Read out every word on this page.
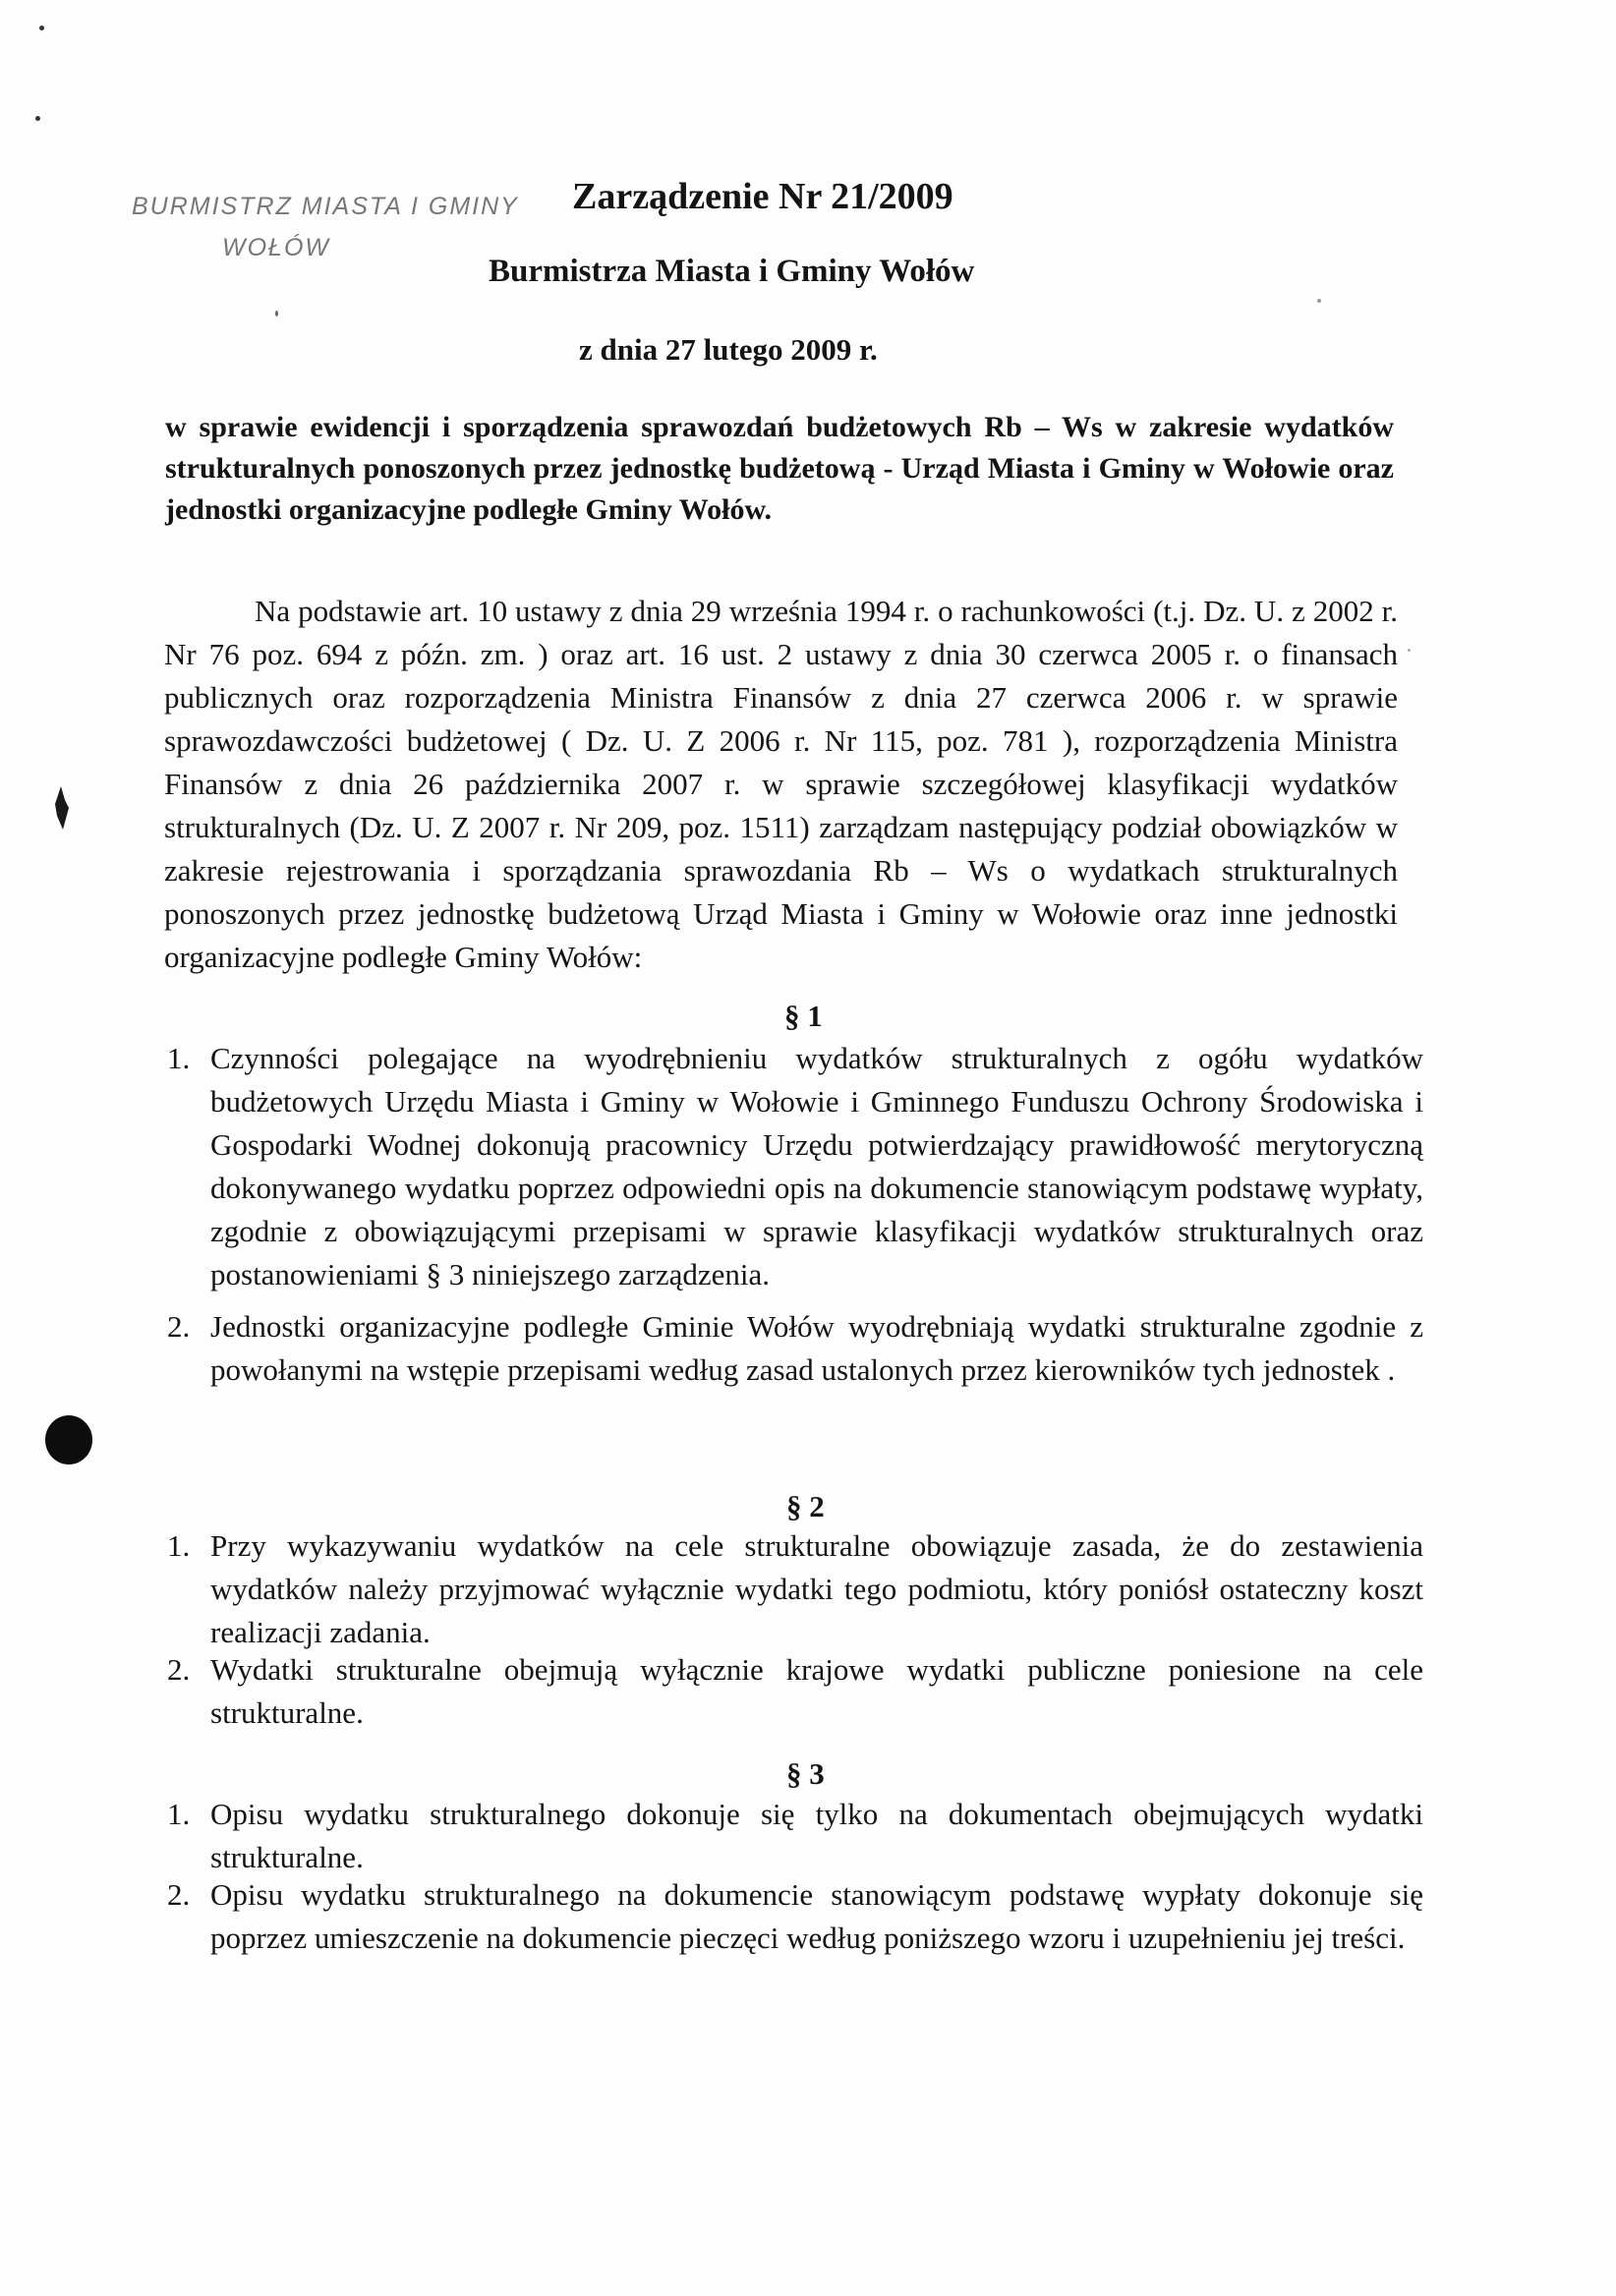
BURMISTRZ MIASTA I GMINY
WOŁÓW
Zarządzenie Nr 21/2009
Burmistrza Miasta i Gminy Wołów
z dnia 27 lutego 2009 r.
w sprawie ewidencji i sporządzenia sprawozdań budżetowych Rb – Ws w zakresie wydatków strukturalnych ponoszonych przez jednostkę budżetową - Urząd Miasta i Gminy w Wołowie oraz jednostki organizacyjne podległe Gminy Wołów.
Na podstawie art. 10 ustawy z dnia 29 września 1994 r. o rachunkowości (t.j. Dz. U. z 2002 r. Nr 76 poz. 694 z późn. zm. ) oraz art. 16 ust. 2 ustawy z dnia 30 czerwca 2005 r. o finansach publicznych oraz rozporządzenia Ministra Finansów z dnia 27 czerwca 2006 r. w sprawie sprawozdawczości budżetowej ( Dz. U. Z 2006 r. Nr 115, poz. 781 ), rozporządzenia Ministra Finansów z dnia 26 października 2007 r. w sprawie szczegółowej klasyfikacji wydatków strukturalnych (Dz. U. Z 2007 r. Nr 209, poz. 1511) zarządzam następujący podział obowiązków w zakresie rejestrowania i sporządzania sprawozdania Rb – Ws o wydatkach strukturalnych ponoszonych przez jednostkę budżetową Urząd Miasta i Gminy w Wołowie oraz inne jednostki organizacyjne podległe Gminy Wołów:
§ 1
1. Czynności polegające na wyodrębnieniu wydatków strukturalnych z ogółu wydatków budżetowych Urzędu Miasta i Gminy w Wołowie i Gminnego Funduszu Ochrony Środowiska i Gospodarki Wodnej dokonują pracownicy Urzędu potwierdzający prawidłowość merytoryczną dokonywanego wydatku poprzez odpowiedni opis na dokumencie stanowiącym podstawę wypłaty, zgodnie z obowiązującymi przepisami w sprawie klasyfikacji wydatków strukturalnych oraz postanowieniami § 3 niniejszego zarządzenia.
2. Jednostki organizacyjne podległe Gminie Wołów wyodrębniają wydatki strukturalne zgodnie z powołanymi na wstępie przepisami według zasad ustalonych przez kierowników tych jednostek .
§ 2
1. Przy wykazywaniu wydatków na cele strukturalne obowiązuje zasada, że do zestawienia wydatków należy przyjmować wyłącznie wydatki tego podmiotu, który poniósł ostateczny koszt realizacji zadania.
2. Wydatki strukturalne obejmują wyłącznie krajowe wydatki publiczne poniesione na cele strukturalne.
§ 3
1. Opisu wydatku strukturalnego dokonuje się tylko na dokumentach obejmujących wydatki strukturalne.
2. Opisu wydatku strukturalnego na dokumencie stanowiącym podstawę wypłaty dokonuje się poprzez umieszczenie na dokumencie pieczęci według poniższego wzoru i uzupełnieniu jej treści.
